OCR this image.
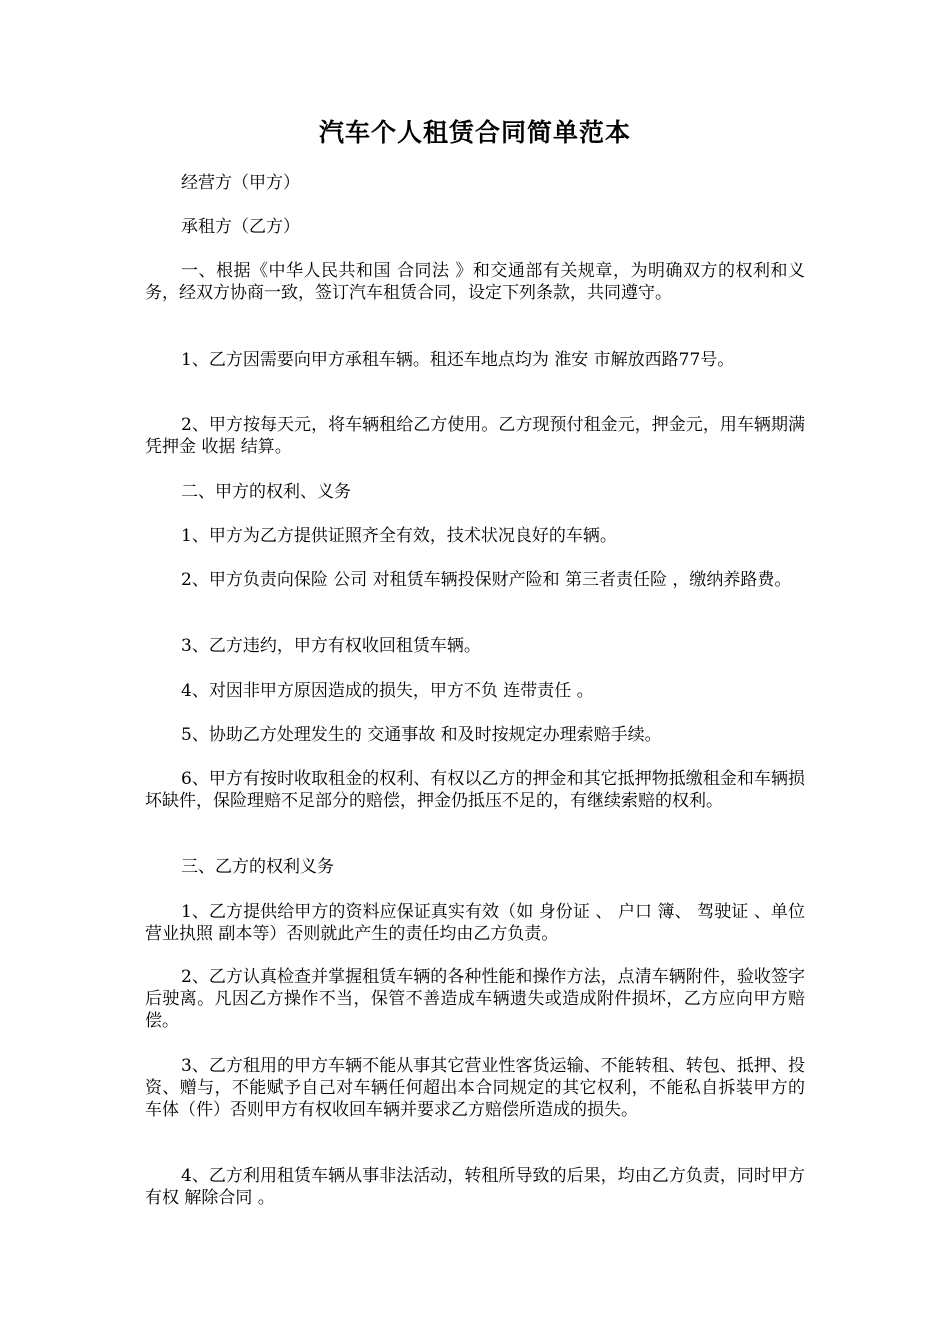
汽车个人租赁合同简单范本

经营方（甲方）

承租方（乙方）

一、根据《中华人民共和国 合同法 》和交通部有关规章，为明确双方的权利和义务，经双方协商一致，签订汽车租赁合同，设定下列条款，共同遵守。

1、乙方因需要向甲方承租车辆。租还车地点均为 淮安 市解放西路77号。

2、甲方按每天元，将车辆租给乙方使用。乙方现预付租金元，押金元，用车辆期满凭押金 收据 结算。

二、甲方的权利、义务

1、甲方为乙方提供证照齐全有效，技术状况良好的车辆。

2、甲方负责向保险 公司 对租赁车辆投保财产险和 第三者责任险 ，缴纳养路费。

3、乙方违约，甲方有权收回租赁车辆。

4、对因非甲方原因造成的损失，甲方不负 连带责任 。

5、协助乙方处理发生的 交通事故 和及时按规定办理索赔手续。

6、甲方有按时收取租金的权利、有权以乙方的押金和其它抵押物抵缴租金和车辆损坏缺件，保险理赔不足部分的赔偿，押金仍抵压不足的，有继续索赔的权利。

三、乙方的权利义务

1、乙方提供给甲方的资料应保证真实有效（如 身份证 、 户口 簿、 驾驶证 、单位 营业执照 副本等）否则就此产生的责任均由乙方负责。

2、乙方认真检查并掌握租赁车辆的各种性能和操作方法，点清车辆附件，验收签字后驶离。凡因乙方操作不当，保管不善造成车辆遗失或造成附件损坏，乙方应向甲方赔偿。

3、乙方租用的甲方车辆不能从事其它营业性客货运输、不能转租、转包、抵押、投资、赠与，不能赋予自己对车辆任何超出本合同规定的其它权利，不能私自拆装甲方的车体（件）否则甲方有权收回车辆并要求乙方赔偿所造成的损失。

4、乙方利用租赁车辆从事非法活动，转租所导致的后果，均由乙方负责，同时甲方有权 解除合同 。
